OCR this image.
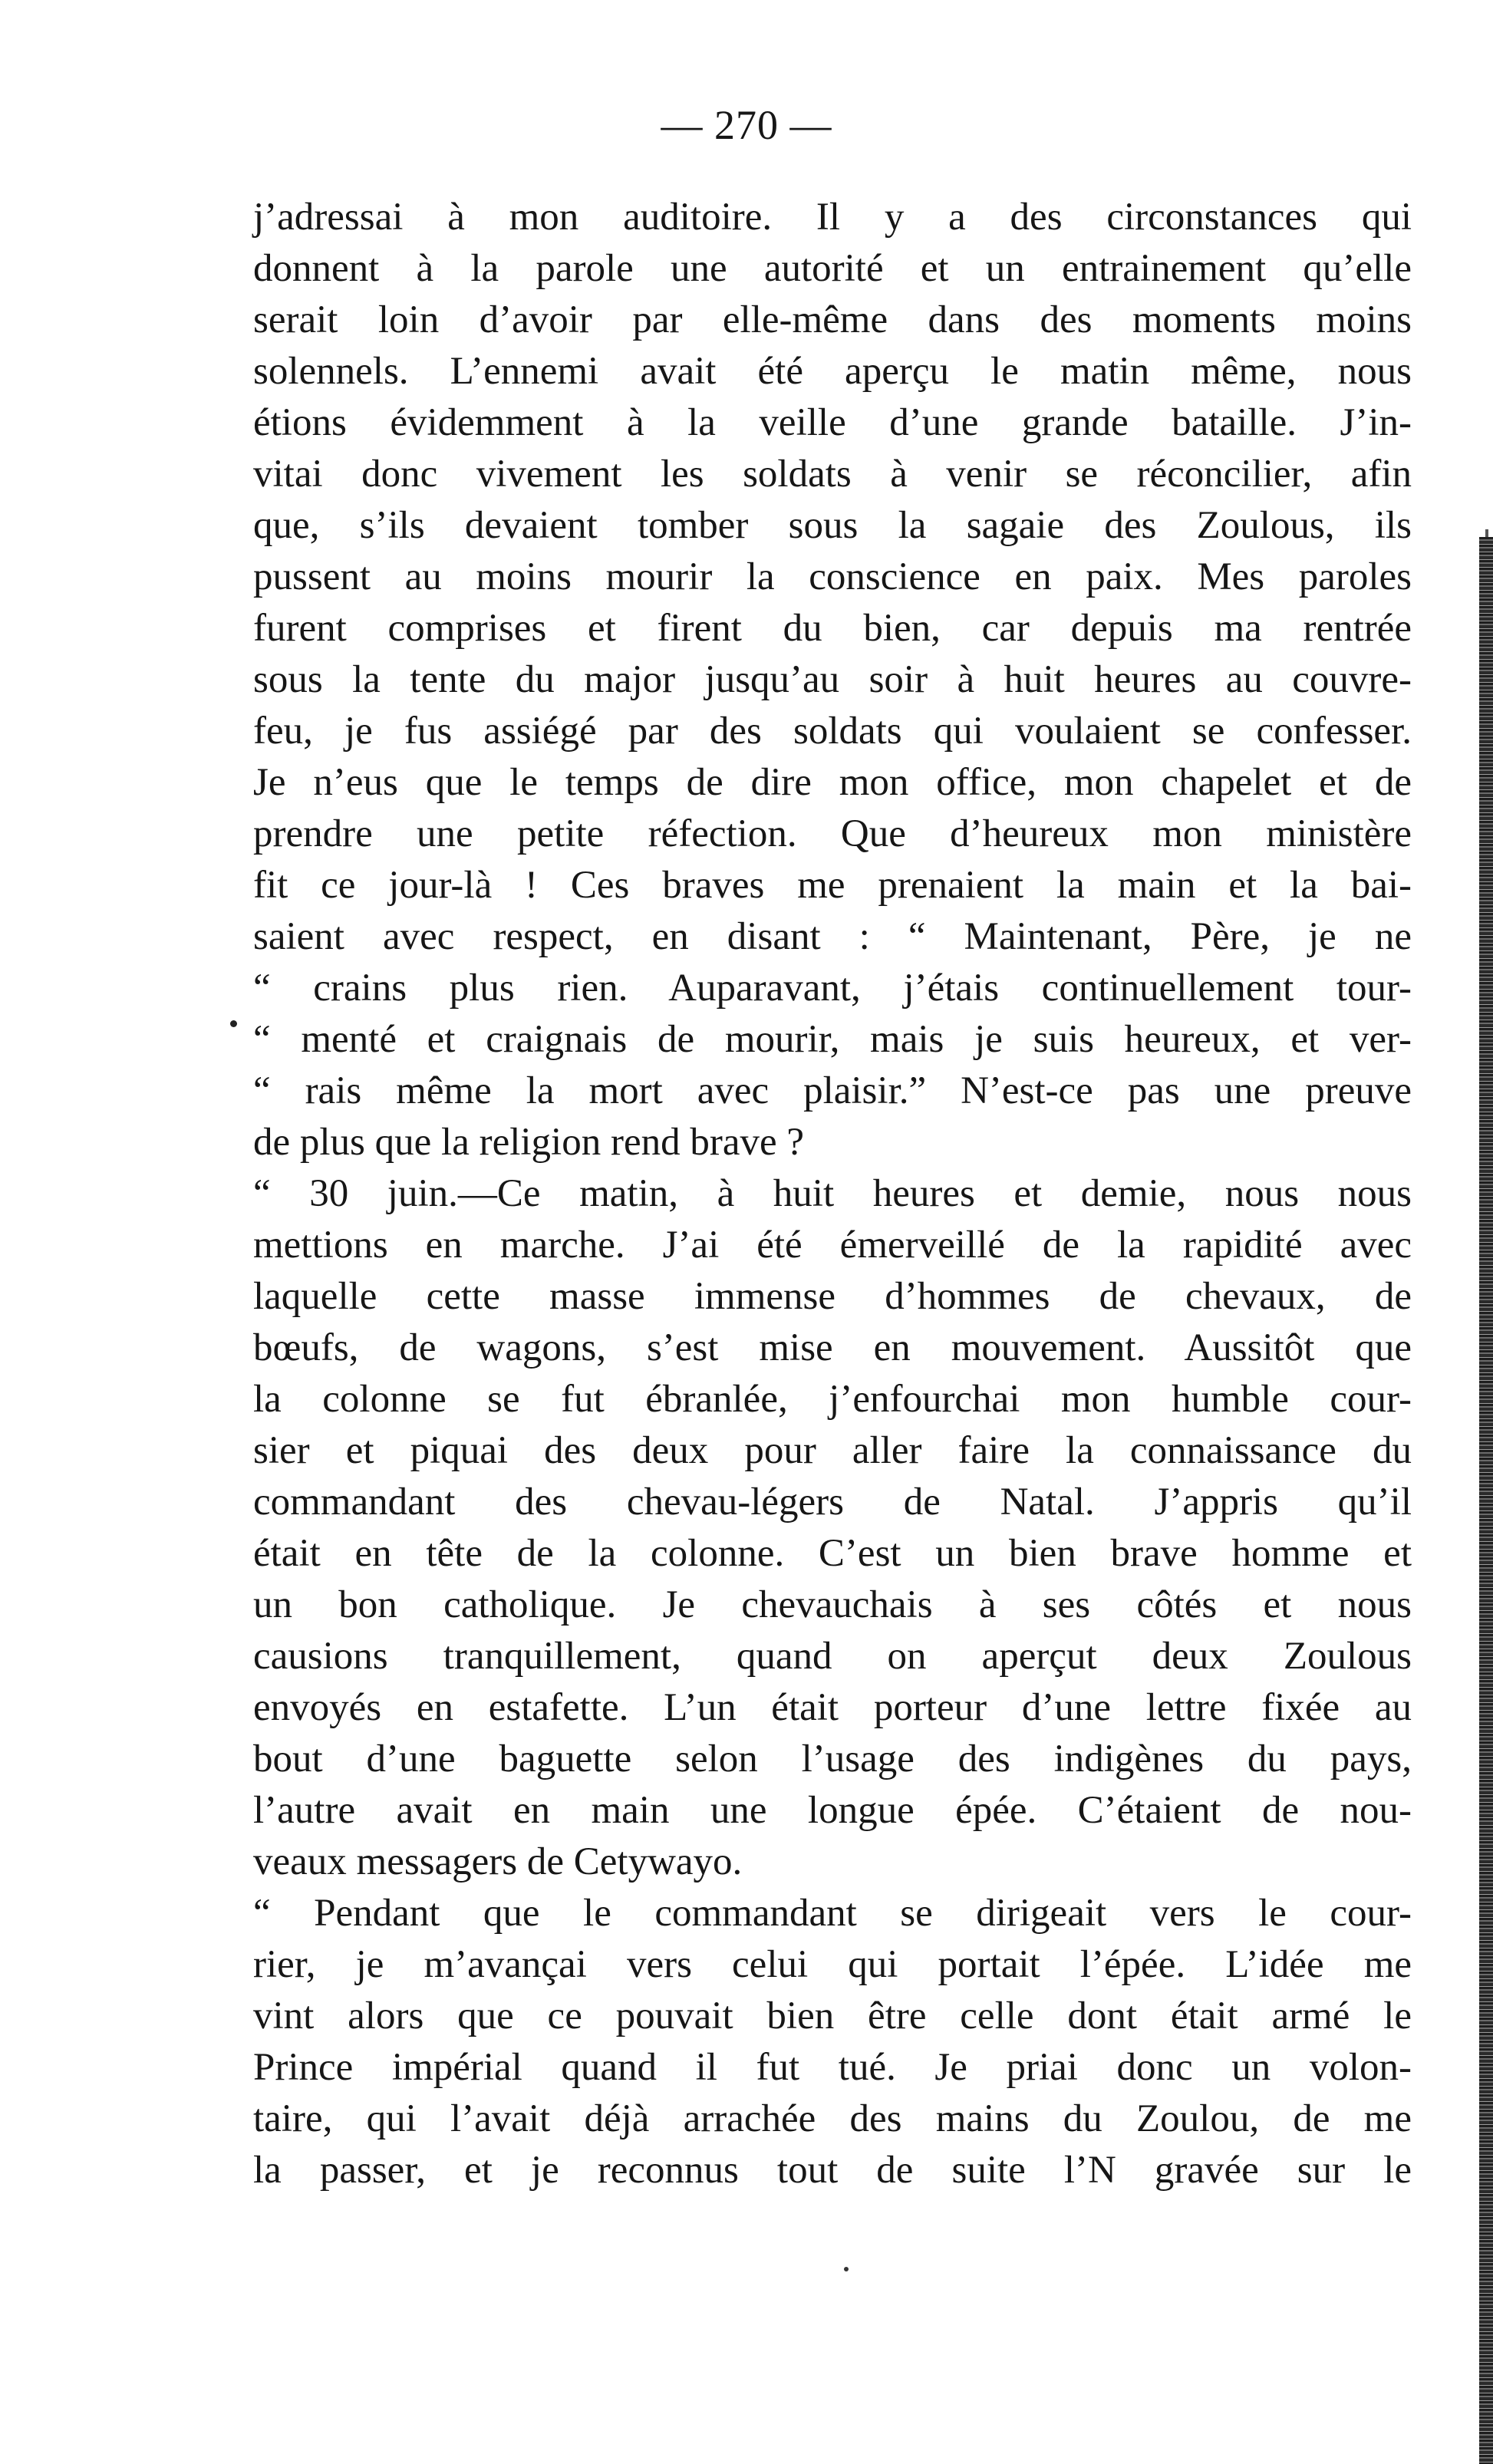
— 270 —
j’adressai à mon auditoire. Il y a des circonstances qui
donnent à la parole une autorité et un entrainement qu’elle
serait loin d’avoir par elle-même dans des moments moins
solennels. L’ennemi avait été aperçu le matin même, nous
étions évidemment à la veille d’une grande bataille. J’in-
vitai donc vivement les soldats à venir se réconcilier, afin
que, s’ils devaient tomber sous la sagaie des Zoulous, ils
pussent au moins mourir la conscience en paix. Mes paroles
furent comprises et firent du bien, car depuis ma rentrée
sous la tente du major jusqu’au soir à huit heures au couvre-
feu, je fus assiégé par des soldats qui voulaient se confesser.
Je n’eus que le temps de dire mon office, mon chapelet et de
prendre une petite réfection. Que d’heureux mon ministère
fit ce jour-là ! Ces braves me prenaient la main et la bai-
saient avec respect, en disant : “ Maintenant, Père, je ne
“ crains plus rien. Auparavant, j’étais continuellement tour-
“ menté et craignais de mourir, mais je suis heureux, et ver-
“ rais même la mort avec plaisir.” N’est-ce pas une preuve
de plus que la religion rend brave ?
“ 30 juin.—Ce matin, à huit heures et demie, nous nous
mettions en marche. J’ai été émerveillé de la rapidité avec
laquelle cette masse immense d’hommes de chevaux, de
bœufs, de wagons, s’est mise en mouvement. Aussitôt que
la colonne se fut ébranlée, j’enfourchai mon humble cour-
sier et piquai des deux pour aller faire la connaissance du
commandant des chevau-légers de Natal. J’appris qu’il
était en tête de la colonne. C’est un bien brave homme et
un bon catholique. Je chevauchais à ses côtés et nous
causions tranquillement, quand on aperçut deux Zoulous
envoyés en estafette. L’un était porteur d’une lettre fixée au
bout d’une baguette selon l’usage des indigènes du pays,
l’autre avait en main une longue épée. C’étaient de nou-
veaux messagers de Cetywayo.
“ Pendant que le commandant se dirigeait vers le cour-
rier, je m’avançai vers celui qui portait l’épée. L’idée me
vint alors que ce pouvait bien être celle dont était armé le
Prince impérial quand il fut tué. Je priai donc un volon-
taire, qui l’avait déjà arrachée des mains du Zoulou, de me
la passer, et je reconnus tout de suite l’N gravée sur le
